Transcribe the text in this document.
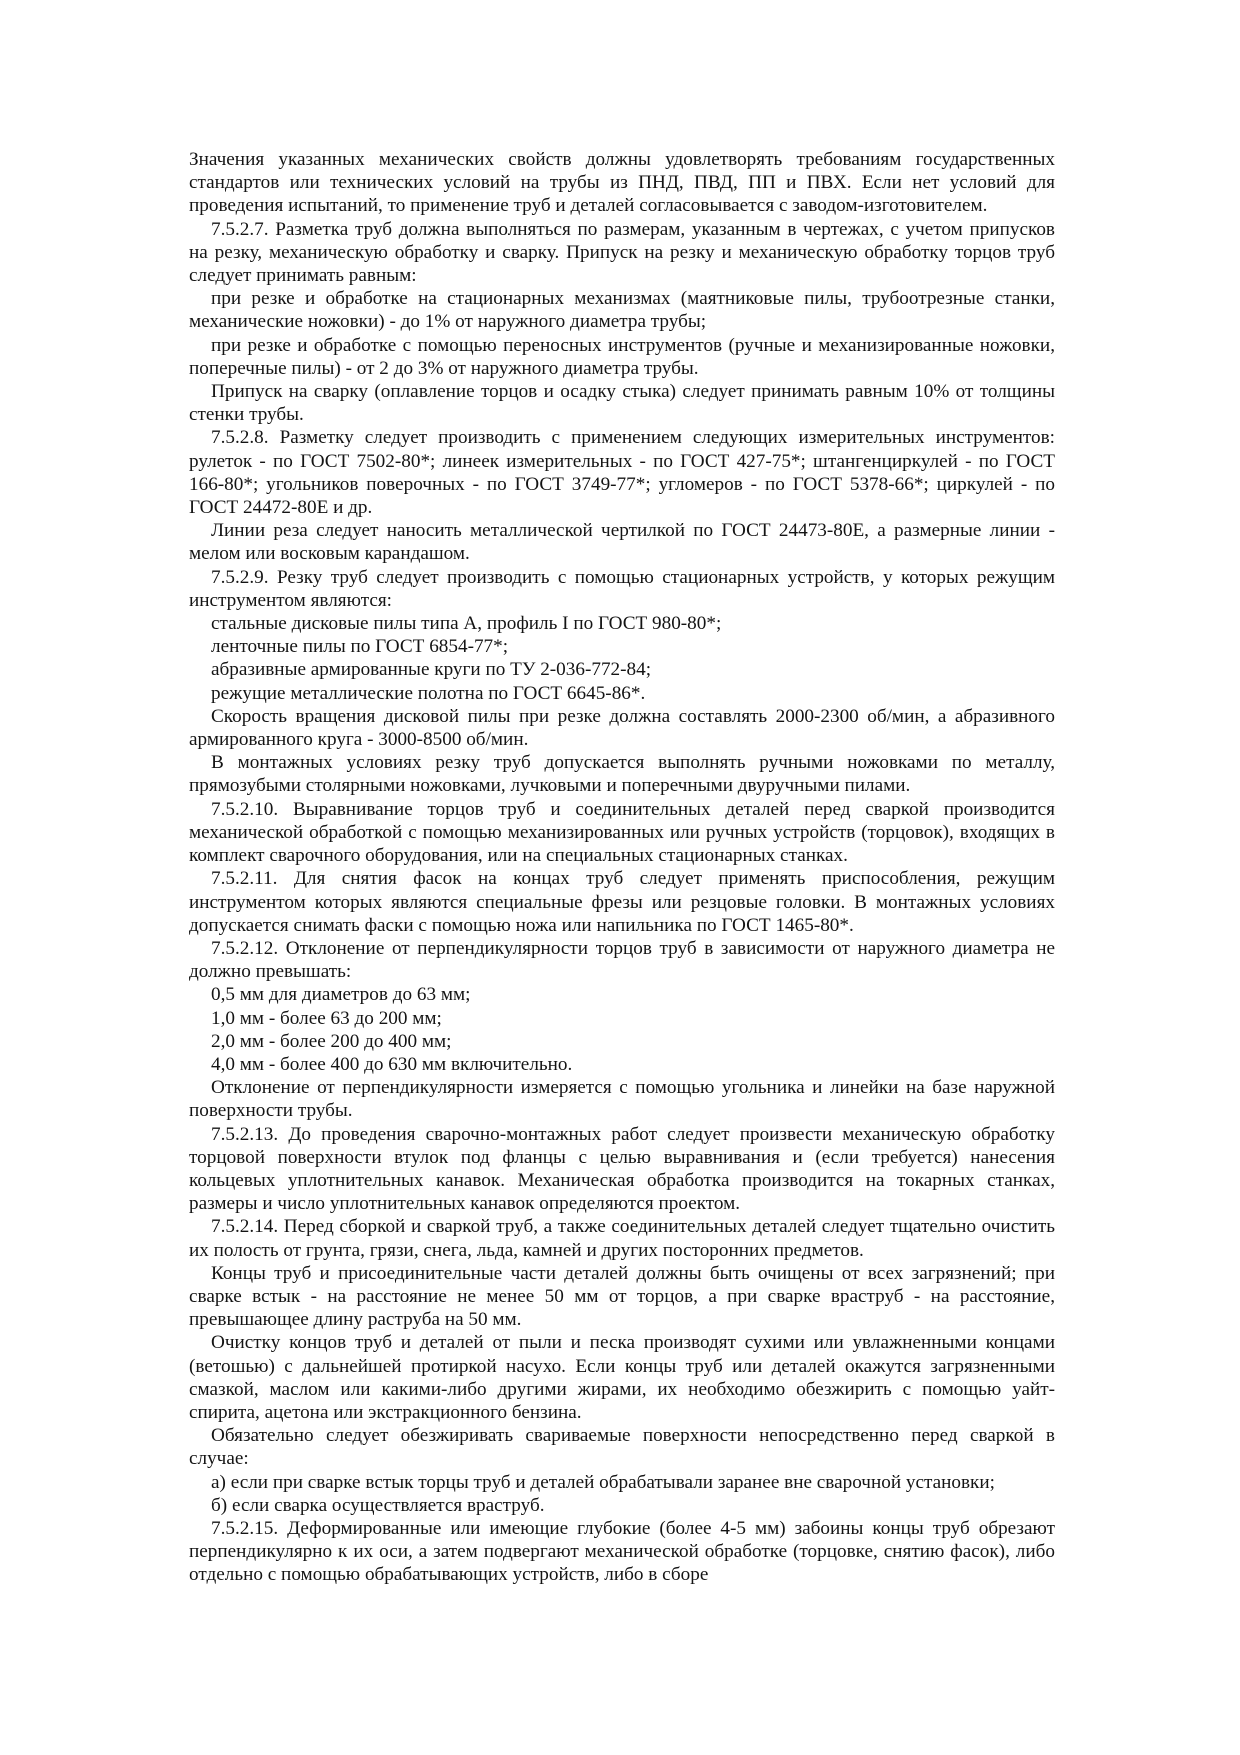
Значения указанных механических свойств должны удовлетворять требованиям государственных стандартов или технических условий на трубы из ПНД, ПВД, ПП и ПВХ. Если нет условий для проведения испытаний, то применение труб и деталей согласовывается с заводом-изготовителем.

7.5.2.7. Разметка труб должна выполняться по размерам, указанным в чертежах, с учетом припусков на резку, механическую обработку и сварку. Припуск на резку и механическую обработку торцов труб следует принимать равным:

при резке и обработке на стационарных механизмах (маятниковые пилы, трубоотрезные станки, механические ножовки) - до 1% от наружного диаметра трубы;

при резке и обработке с помощью переносных инструментов (ручные и механизированные ножовки, поперечные пилы) - от 2 до 3% от наружного диаметра трубы.

Припуск на сварку (оплавление торцов и осадку стыка) следует принимать равным 10% от толщины стенки трубы.

7.5.2.8. Разметку следует производить с применением следующих измерительных инструментов: рулеток - по ГОСТ 7502-80*; линеек измерительных - по ГОСТ 427-75*; штангенциркулей - по ГОСТ 166-80*; угольников поверочных - по ГОСТ 3749-77*; угломеров - по ГОСТ 5378-66*; циркулей - по ГОСТ 24472-80Е и др.

Линии реза следует наносить металлической чертилкой по ГОСТ 24473-80Е, а размерные линии - мелом или восковым карандашом.

7.5.2.9. Резку труб следует производить с помощью стационарных устройств, у которых режущим инструментом являются:

стальные дисковые пилы типа А, профиль I по ГОСТ 980-80*;

ленточные пилы по ГОСТ 6854-77*;

абразивные армированные круги по ТУ 2-036-772-84;

режущие металлические полотна по ГОСТ 6645-86*.

Скорость вращения дисковой пилы при резке должна составлять 2000-2300 об/мин, а абразивного армированного круга - 3000-8500 об/мин.

В монтажных условиях резку труб допускается выполнять ручными ножовками по металлу, прямозубыми столярными ножовками, лучковыми и поперечными двуручными пилами.

7.5.2.10. Выравнивание торцов труб и соединительных деталей перед сваркой производится механической обработкой с помощью механизированных или ручных устройств (торцовок), входящих в комплект сварочного оборудования, или на специальных стационарных станках.

7.5.2.11. Для снятия фасок на концах труб следует применять приспособления, режущим инструментом которых являются специальные фрезы или резцовые головки. В монтажных условиях допускается снимать фаски с помощью ножа или напильника по ГОСТ 1465-80*.

7.5.2.12. Отклонение от перпендикулярности торцов труб в зависимости от наружного диаметра не должно превышать:

0,5 мм для диаметров до 63 мм;

1,0 мм - более 63 до 200 мм;

2,0 мм - более 200 до 400 мм;

4,0 мм - более 400 до 630 мм включительно.

Отклонение от перпендикулярности измеряется с помощью угольника и линейки на базе наружной поверхности трубы.

7.5.2.13. До проведения сварочно-монтажных работ следует произвести механическую обработку торцовой поверхности втулок под фланцы с целью выравнивания и (если требуется) нанесения кольцевых уплотнительных канавок. Механическая обработка производится на токарных станках, размеры и число уплотнительных канавок определяются проектом.

7.5.2.14. Перед сборкой и сваркой труб, а также соединительных деталей следует тщательно очистить их полость от грунта, грязи, снега, льда, камней и других посторонних предметов.

Концы труб и присоединительные части деталей должны быть очищены от всех загрязнений; при сварке встык - на расстояние не менее 50 мм от торцов, а при сварке враструб - на расстояние, превышающее длину раструба на 50 мм.

Очистку концов труб и деталей от пыли и песка производят сухими или увлажненными концами (ветошью) с дальнейшей протиркой насухо. Если концы труб или деталей окажутся загрязненными смазкой, маслом или какими-либо другими жирами, их необходимо обезжирить с помощью уайт-спирита, ацетона или экстракционного бензина.

Обязательно следует обезжиривать свариваемые поверхности непосредственно перед сваркой в случае:

а) если при сварке встык торцы труб и деталей обрабатывали заранее вне сварочной установки;

б) если сварка осуществляется враструб.

7.5.2.15. Деформированные или имеющие глубокие (более 4-5 мм) забоины концы труб обрезают перпендикулярно к их оси, а затем подвергают механической обработке (торцовке, снятию фасок), либо отдельно с помощью обрабатывающих устройств, либо в сборе
